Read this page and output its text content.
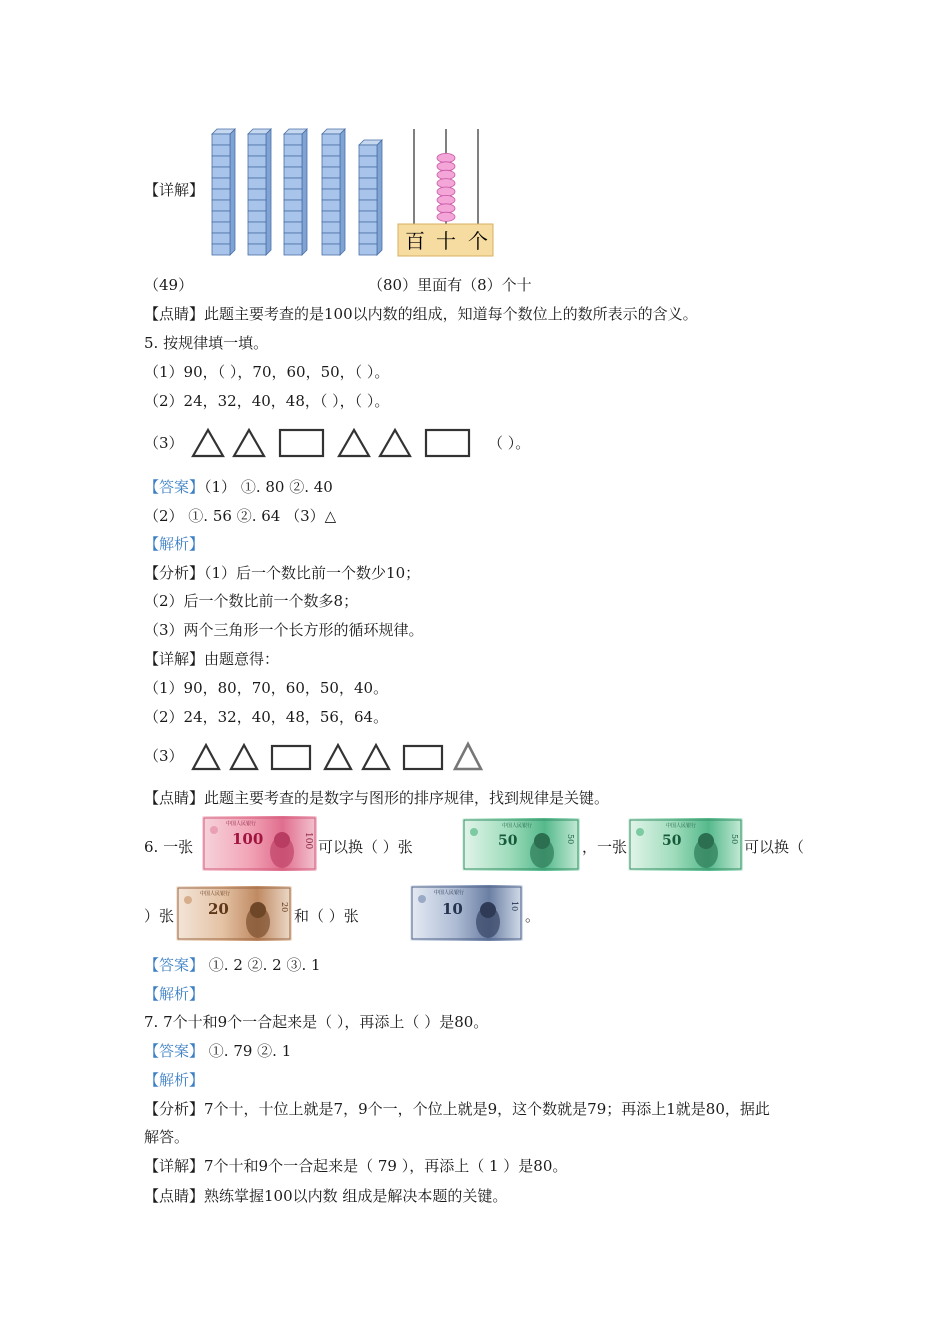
【详解】
百 十 个
（49）	（80）里面有（8）个十
【点睛】此题主要考查的是100以内数的组成，知道每个数位上的数所表示的含义。
5. 按规律填一填。
（1）90，（ ），70，60，50，（ ）。
（2）24，32，40，48，（ ），（ ）。
（3）	（ ）。
【答案】（1） ①. 80 ②. 40
（2） ①. 56 ②. 64 （3）△
【解析】
【分析】（1）后一个数比前一个数少10；
（2）后一个数比前一个数多8；
（3）两个三角形一个长方形的循环规律。
【详解】由题意得：
（1）90，80，70，60，50，40。
（2）24，32，40，48，56，64。
（3）
【点睛】此题主要考查的是数字与图形的排序规律，找到规律是关键。
6. 一张
中国人民银行
100	100 可以换（ ）张
中国人民银行
50	50 ，一张
中国人民银行
50	50 可以换（
）张
中国人民银行
20	20 和（ ）张
中国人民银行
10	10
。
【答案】 ①. 2 ②. 2 ③. 1
【解析】
7. 7个十和9个一合起来是（ ），再添上（ ）是80。
【答案】 ①. 79 ②. 1
【解析】
【分析】7个十，十位上就是7，9个一，个位上就是9，这个数就是79；再添上1就是80，据此
解答。
【详解】7个十和9个一合起来是（ 79 ），再添上（ 1 ）是80。
【点睛】熟练掌握100以内数 组成是解决本题的关键。
